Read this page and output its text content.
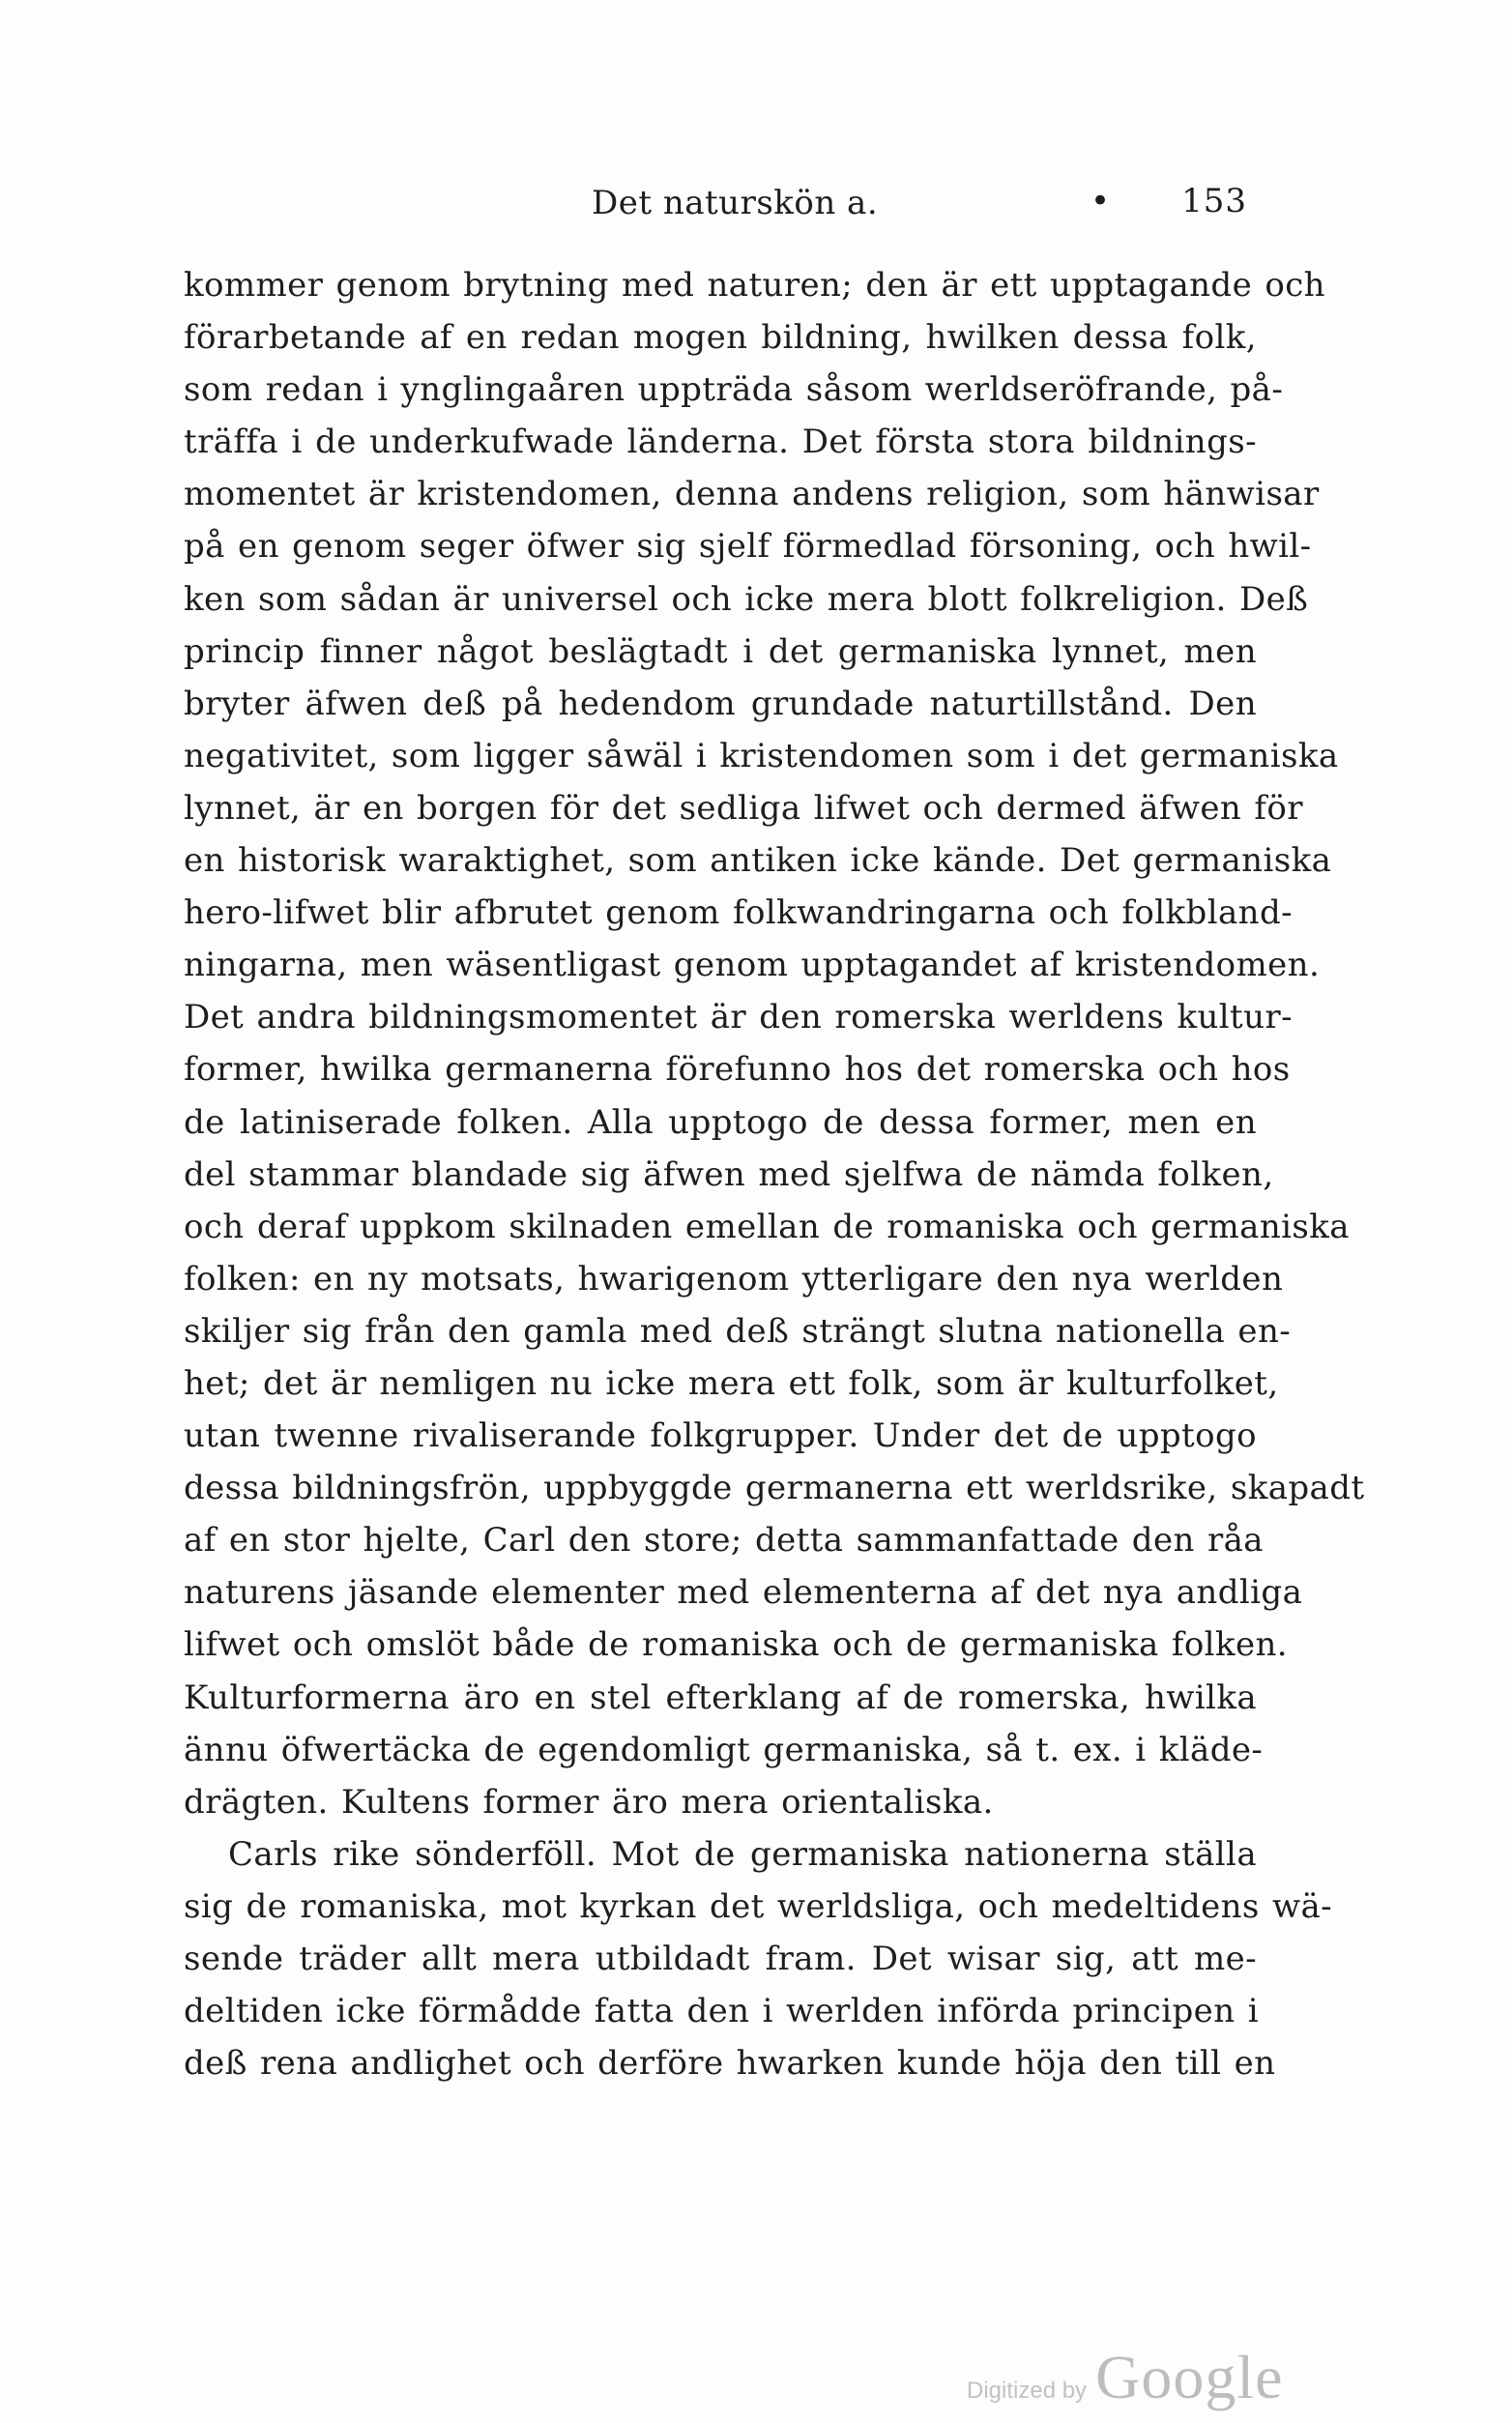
Det naturskön a.	• 153
kommer genom brytning med naturen; den är ett upptagande och
förarbetande af en redan mogen bildning, hwilken dessa folk,
som redan i ynglingaåren uppträda såsom werldseröfrande, på-
träffa i de underkufwade länderna. Det första stora bildnings-
momentet är kristendomen, denna andens religion, som hänwisar
på en genom seger öfwer sig sjelf förmedlad försoning, och hwil-
ken som sådan är universel och icke mera blott folkreligion. Deß
princip finner något beslägtadt i det germaniska lynnet, men
bryter äfwen deß på hedendom grundade naturtillstånd. Den
negativitet, som ligger såwäl i kristendomen som i det germaniska
lynnet, är en borgen för det sedliga lifwet och dermed äfwen för
en historisk waraktighet, som antiken icke kände. Det germaniska
hero-lifwet blir afbrutet genom folkwandringarna och folkbland-
ningarna, men wäsentligast genom upptagandet af kristendomen.
Det andra bildningsmomentet är den romerska werldens kultur-
former, hwilka germanerna förefunno hos det romerska och hos
de latiniserade folken. Alla upptogo de dessa former, men en
del stammar blandade sig äfwen med sjelfwa de nämda folken,
och deraf uppkom skilnaden emellan de romaniska och germaniska
folken: en ny motsats, hwarigenom ytterligare den nya werlden
skiljer sig från den gamla med deß strängt slutna nationella en-
het; det är nemligen nu icke mera ett folk, som är kulturfolket,
utan twenne rivaliserande folkgrupper. Under det de upptogo
dessa bildningsfrön, uppbyggde germanerna ett werldsrike, skapadt
af en stor hjelte, Carl den store; detta sammanfattade den råa
naturens jäsande elementer med elementerna af det nya andliga
lifwet och omslöt både de romaniska och de germaniska folken.
Kulturformerna äro en stel efterklang af de romerska, hwilka
ännu öfwertäcka de egendomligt germaniska, så t. ex. i kläde-
drägten. Kultens former äro mera orientaliska.
Carls rike sönderföll. Mot de germaniska nationerna ställa
sig de romaniska, mot kyrkan det werldsliga, och medeltidens wä-
sende träder allt mera utbildadt fram. Det wisar sig, att me-
deltiden icke förmådde fatta den i werlden införda principen i
deß rena andlighet och derföre hwarken kunde höja den till en
Digitized by Google
